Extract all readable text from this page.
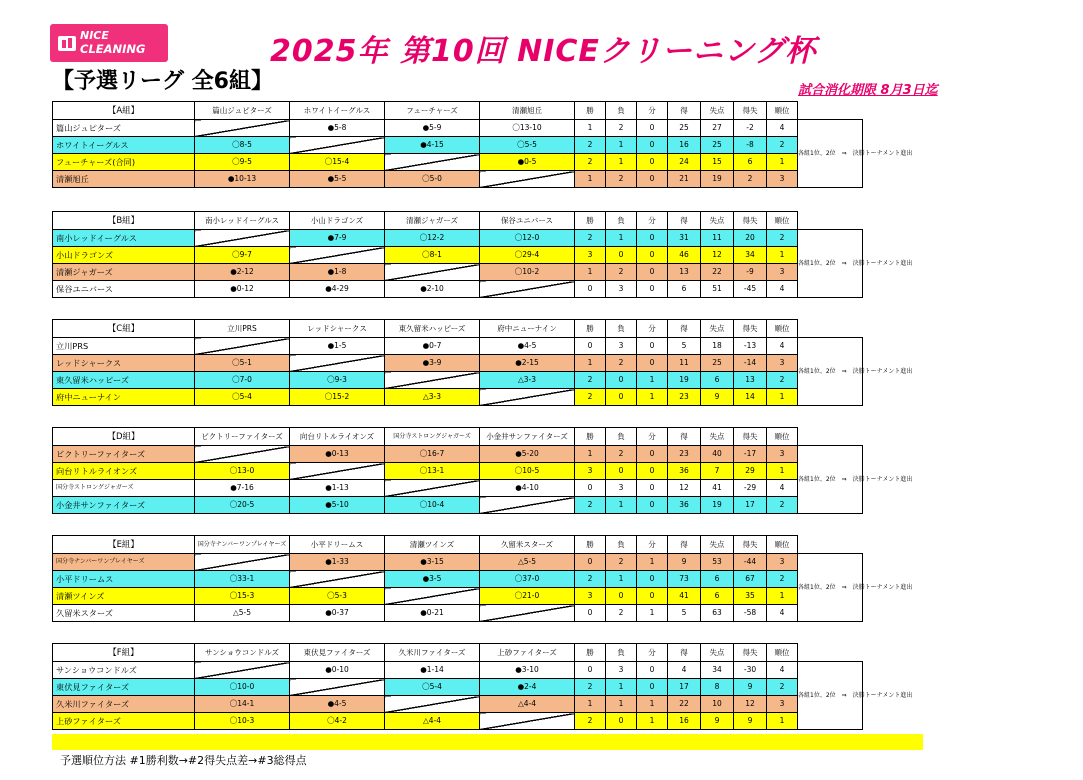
NICE
CLEANING	2025年 第10回 NICEクリーニング杯
【予選リーグ 全6組】	試合消化期限 8月3日迄
【A組】	篇山ジュピターズ	ホワイトイーグルス	フューチャーズ	清瀬旭丘	勝	負	分	得	失点	得失	順位	
篇山ジュピターズ		●5-8	●5-9	〇13-10	1	2	0	25	27	-2	4	各組1位、2位　⇒　決勝トーナメント進出
ホワイトイーグルス	〇8-5		●4-15	〇5-5	2	1	0	16	25	-8	2	
フューチャーズ(合同)	〇9-5	〇15-4		●0-5	2	1	0	24	15	6	1	
清瀬旭丘	●10-13	●5-5	〇5-0		1	2	0	21	19	2	3	
【B組】	南小レッドイーグルス	小山ドラゴンズ	清瀬ジャガーズ	保谷ユニバース	勝	負	分	得	失点	得失	順位	
南小レッドイーグルス		●7-9	〇12-2	〇12-0	2	1	0	31	11	20	2	各組1位、2位　⇒　決勝トーナメント進出
小山ドラゴンズ	〇9-7		〇8-1	〇29-4	3	0	0	46	12	34	1	
清瀬ジャガーズ	●2-12	●1-8		〇10-2	1	2	0	13	22	-9	3	
保谷ユニバース	●0-12	●4-29	●2-10		0	3	0	6	51	-45	4	
【C組】	立川PRS	レッドシャークス	東久留米ハッピーズ	府中ニューナイン	勝	負	分	得	失点	得失	順位	
立川PRS		●1-5	●0-7	●4-5	0	3	0	5	18	-13	4	各組1位、2位　⇒　決勝トーナメント進出
レッドシャークス	〇5-1		●3-9	●2-15	1	2	0	11	25	-14	3	
東久留米ハッピーズ	〇7-0	〇9-3		△3-3	2	0	1	19	6	13	2	
府中ニューナイン	〇5-4	〇15-2	△3-3		2	0	1	23	9	14	1	
【D組】	ビクトリーファイターズ	向台リトルライオンズ	国分寺ストロングジャガーズ	小金井サンファイターズ	勝	負	分	得	失点	得失	順位	
ビクトリーファイターズ		●0-13	〇16-7	●5-20	1	2	0	23	40	-17	3	各組1位、2位　⇒　決勝トーナメント進出
向台リトルライオンズ	〇13-0		〇13-1	〇10-5	3	0	0	36	7	29	1	
国分寺ストロングジャガーズ	●7-16	●1-13		●4-10	0	3	0	12	41	-29	4	
小金井サンファイターズ	〇20-5	●5-10	〇10-4		2	1	0	36	19	17	2	
【E組】	国分寺ナンバーワンプレイヤーズ	小平ドリームス	清瀬ツインズ	久留米スターズ	勝	負	分	得	失点	得失	順位	
国分寺ナンバーワンプレイヤーズ		●1-33	●3-15	△5-5	0	2	1	9	53	-44	3	各組1位、2位　⇒　決勝トーナメント進出
小平ドリームス	〇33-1		●3-5	〇37-0	2	1	0	73	6	67	2	
清瀬ツインズ	〇15-3	〇5-3		〇21-0	3	0	0	41	6	35	1	
久留米スターズ	△5-5	●0-37	●0-21		0	2	1	5	63	-58	4	
【F組】	サンショウコンドルズ	東伏見ファイターズ	久米川ファイターズ	上砂ファイターズ	勝	負	分	得	失点	得失	順位	
サンショウコンドルズ		●0-10	●1-14	●3-10	0	3	0	4	34	-30	4	各組1位、2位　⇒　決勝トーナメント進出
東伏見ファイターズ	〇10-0		〇5-4	●2-4	2	1	0	17	8	9	2	
久米川ファイターズ	〇14-1	●4-5		△4-4	1	1	1	22	10	12	3	
上砂ファイターズ	〇10-3	〇4-2	△4-4		2	0	1	16	9	9	1	
予選順位方法 #1勝利数→#2得失点差→#3総得点
